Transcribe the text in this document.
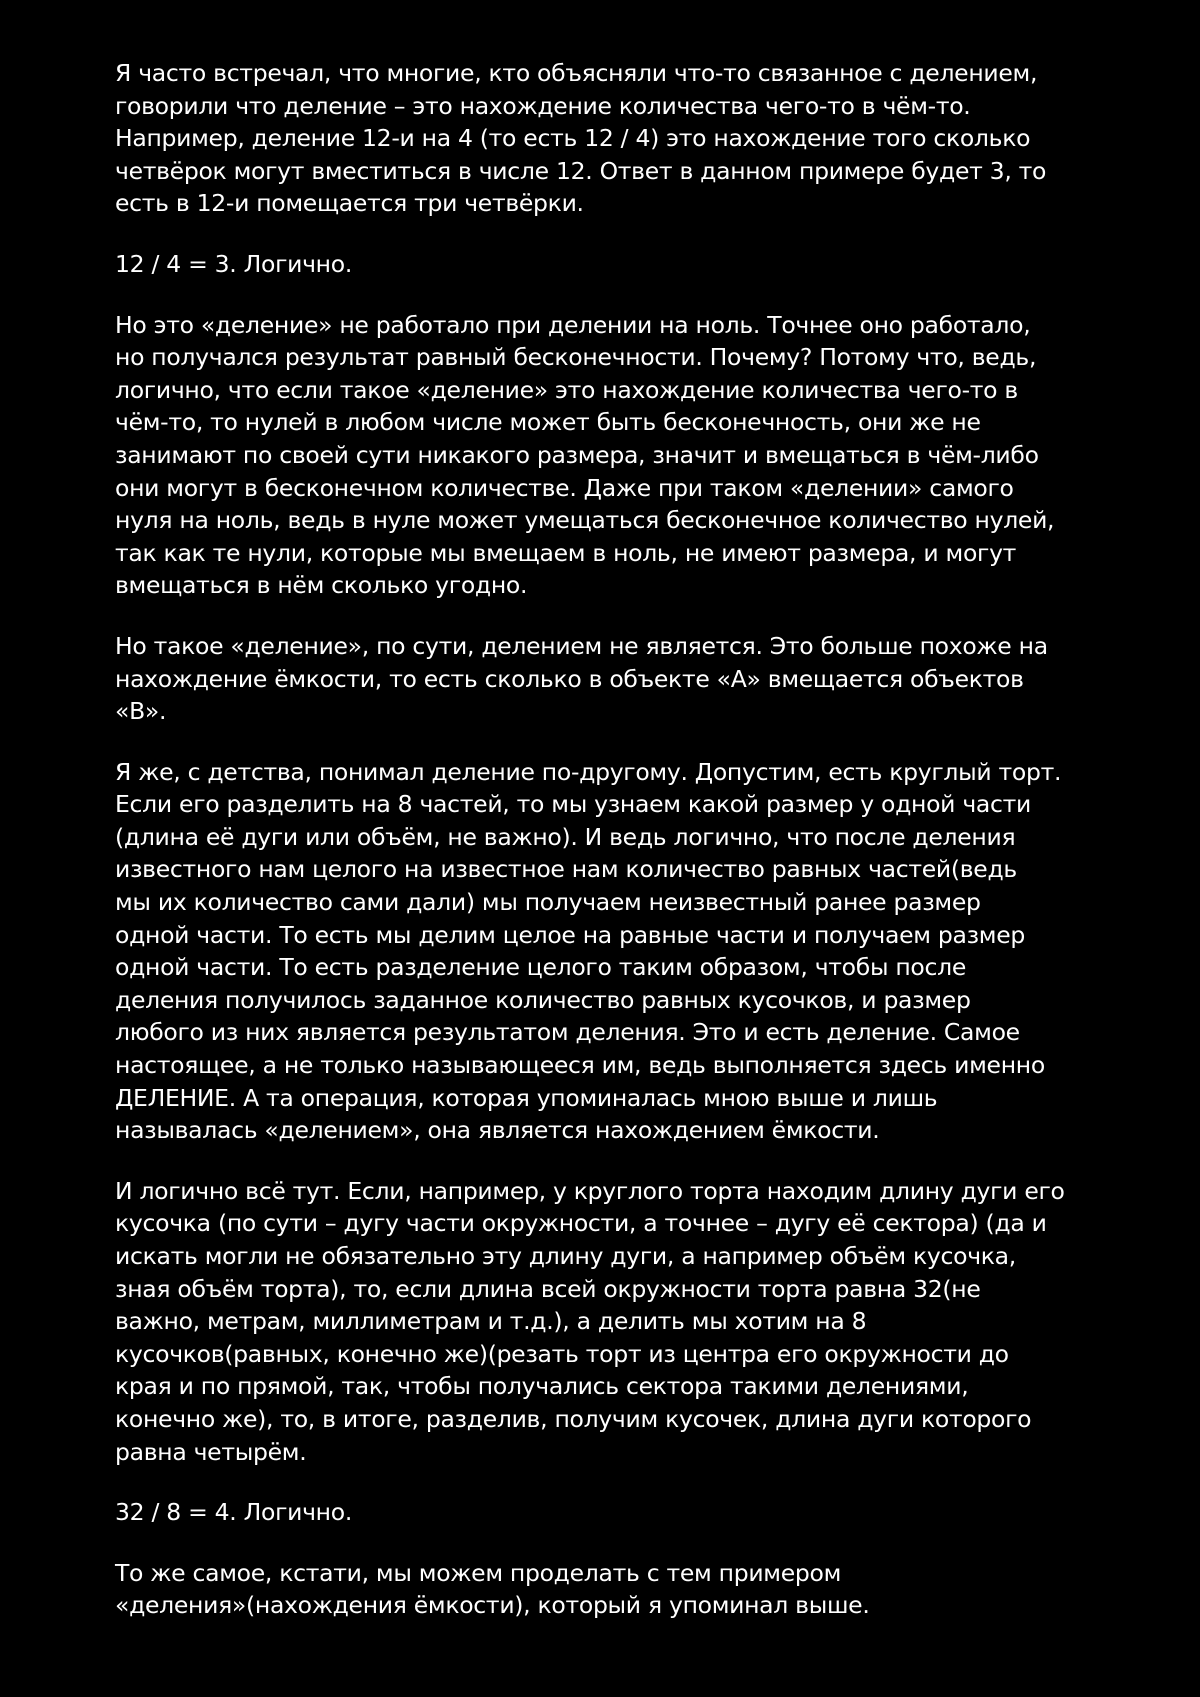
Я часто встречал, что многие, кто объясняли что-то связанное с делением,
говорили что деление – это нахождение количества чего-то в чём-то.
Например, деление 12-и на 4 (то есть 12 / 4) это нахождение того сколько
четвёрок могут вместиться в числе 12. Ответ в данном примере будет 3, то
есть в 12-и помещается три четвёрки.

12 / 4 = 3. Логично.

Но это «деление» не работало при делении на ноль. Точнее оно работало,
но получался результат равный бесконечности. Почему? Потому что, ведь,
логично, что если такое «деление» это нахождение количества чего-то в
чём-то, то нулей в любом числе может быть бесконечность, они же не
занимают по своей сути никакого размера, значит и вмещаться в чём-либо
они могут в бесконечном количестве. Даже при таком «делении» самого
нуля на ноль, ведь в нуле может умещаться бесконечное количество нулей,
так как те нули, которые мы вмещаем в ноль, не имеют размера, и могут
вмещаться в нём сколько угодно.

Но такое «деление», по сути, делением не является. Это больше похоже на
нахождение ёмкости, то есть сколько в объекте «А» вмещается объектов
«В».

Я же, с детства, понимал деление по-другому. Допустим, есть круглый торт.
Если его разделить на 8 частей, то мы узнаем какой размер у одной части
(длина её дуги или объём, не важно). И ведь логично, что после деления
известного нам целого на известное нам количество равных частей(ведь
мы их количество сами дали) мы получаем неизвестный ранее размер
одной части. То есть мы делим целое на равные части и получаем размер
одной части. То есть разделение целого таким образом, чтобы после
деления получилось заданное количество равных кусочков, и размер
любого из них является результатом деления. Это и есть деление. Самое
настоящее, а не только называющееся им, ведь выполняется здесь именно
ДЕЛЕНИЕ. А та операция, которая упоминалась мною выше и лишь
называлась «делением», она является нахождением ёмкости.

И логично всё тут. Если, например, у круглого торта находим длину дуги его
кусочка (по сути – дугу части окружности, а точнее – дугу её сектора) (да и
искать могли не обязательно эту длину дуги, а например объём кусочка,
зная объём торта), то, если длина всей окружности торта равна 32(не
важно, метрам, миллиметрам и т.д.), а делить мы хотим на 8
кусочков(равных, конечно же)(резать торт из центра его окружности до
края и по прямой, так, чтобы получались сектора такими делениями,
конечно же), то, в итоге, разделив, получим кусочек, длина дуги которого
равна четырём.

32 / 8 = 4. Логично.

То же самое, кстати, мы можем проделать с тем примером
«деления»(нахождения ёмкости), который я упоминал выше.
